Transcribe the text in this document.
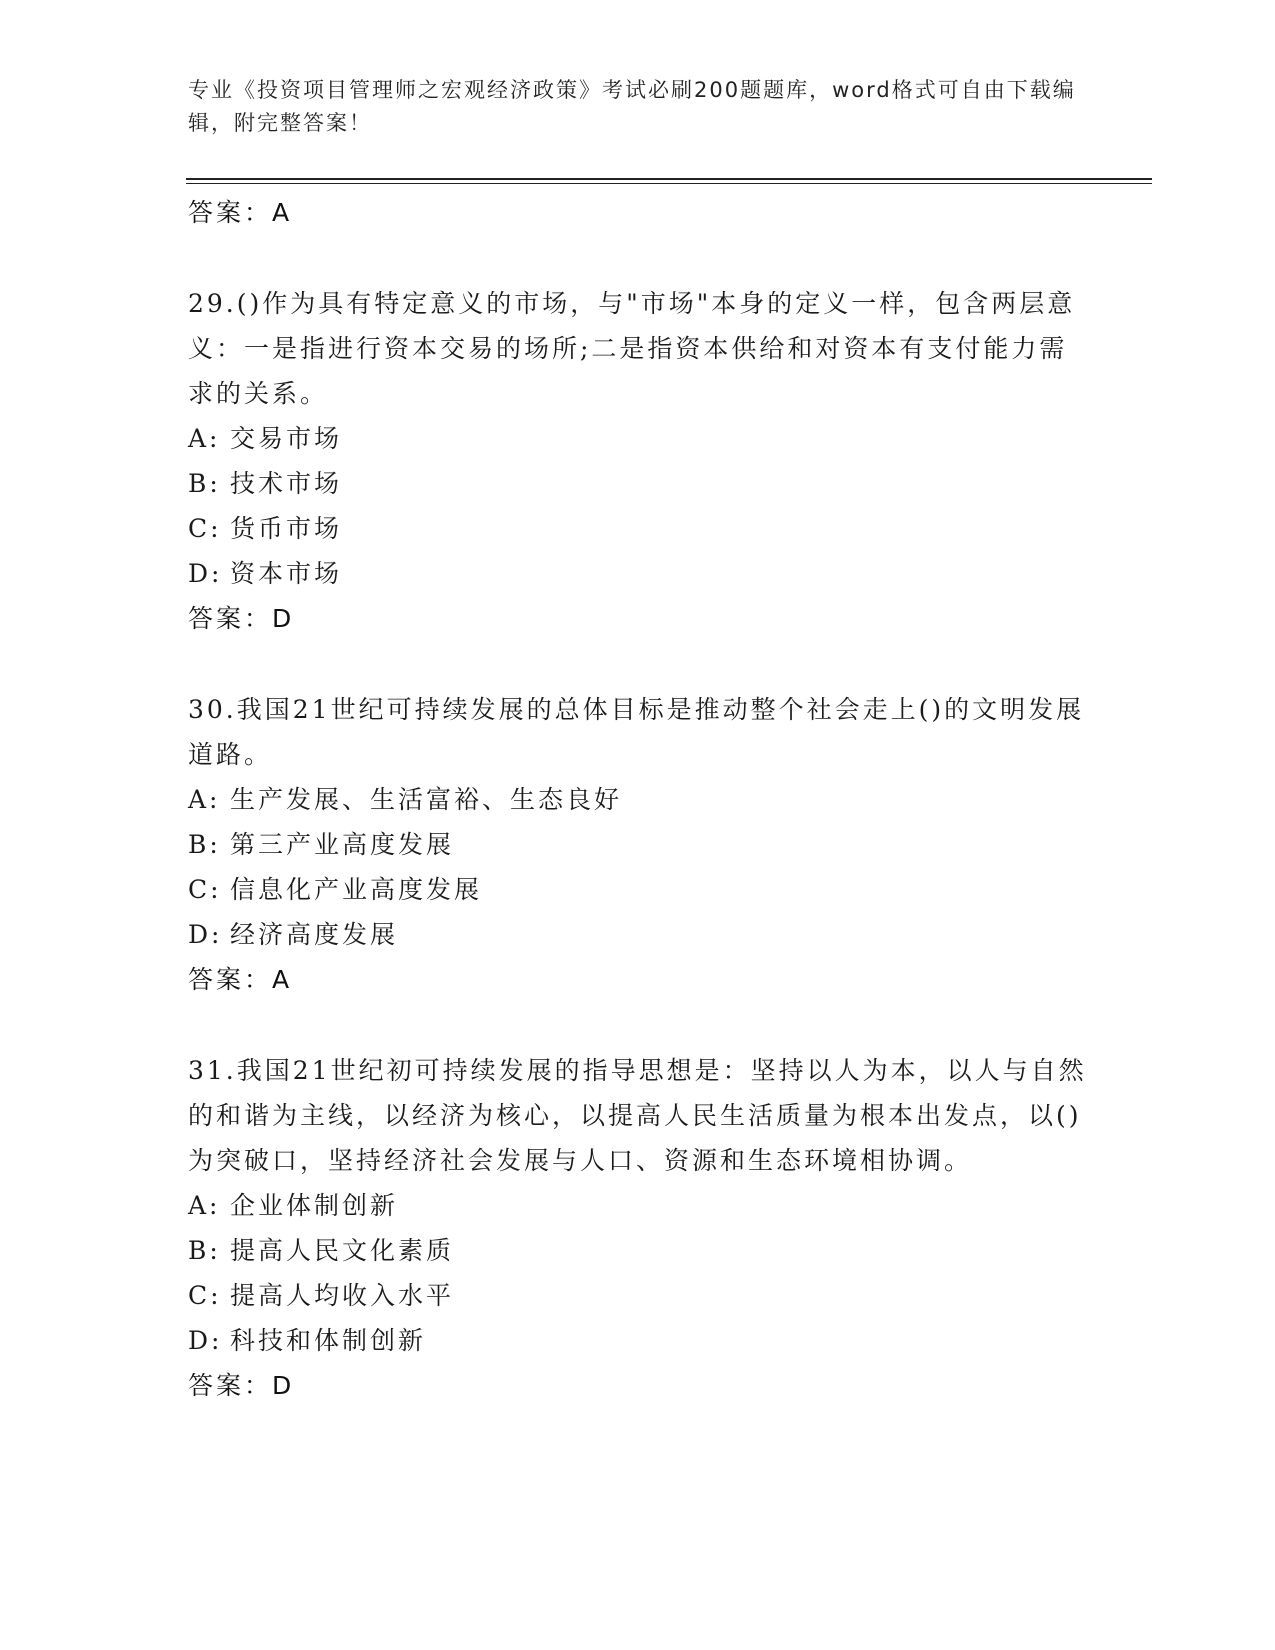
专业《投资项目管理师之宏观经济政策》考试必刷200题题库，word格式可自由下载编辑，附完整答案！
答案：A
29.()作为具有特定意义的市场，与"市场"本身的定义一样，包含两层意义：一是指进行资本交易的场所;二是指资本供给和对资本有支付能力需求的关系。
A: 交易市场
B: 技术市场
C: 货币市场
D: 资本市场
答案：D
30.我国21世纪可持续发展的总体目标是推动整个社会走上()的文明发展道路。
A: 生产发展、生活富裕、生态良好
B: 第三产业高度发展
C: 信息化产业高度发展
D: 经济高度发展
答案：A
31.我国21世纪初可持续发展的指导思想是：坚持以人为本，以人与自然的和谐为主线，以经济为核心，以提高人民生活质量为根本出发点，以()为突破口，坚持经济社会发展与人口、资源和生态环境相协调。
A: 企业体制创新
B: 提高人民文化素质
C: 提高人均收入水平
D: 科技和体制创新
答案：D
